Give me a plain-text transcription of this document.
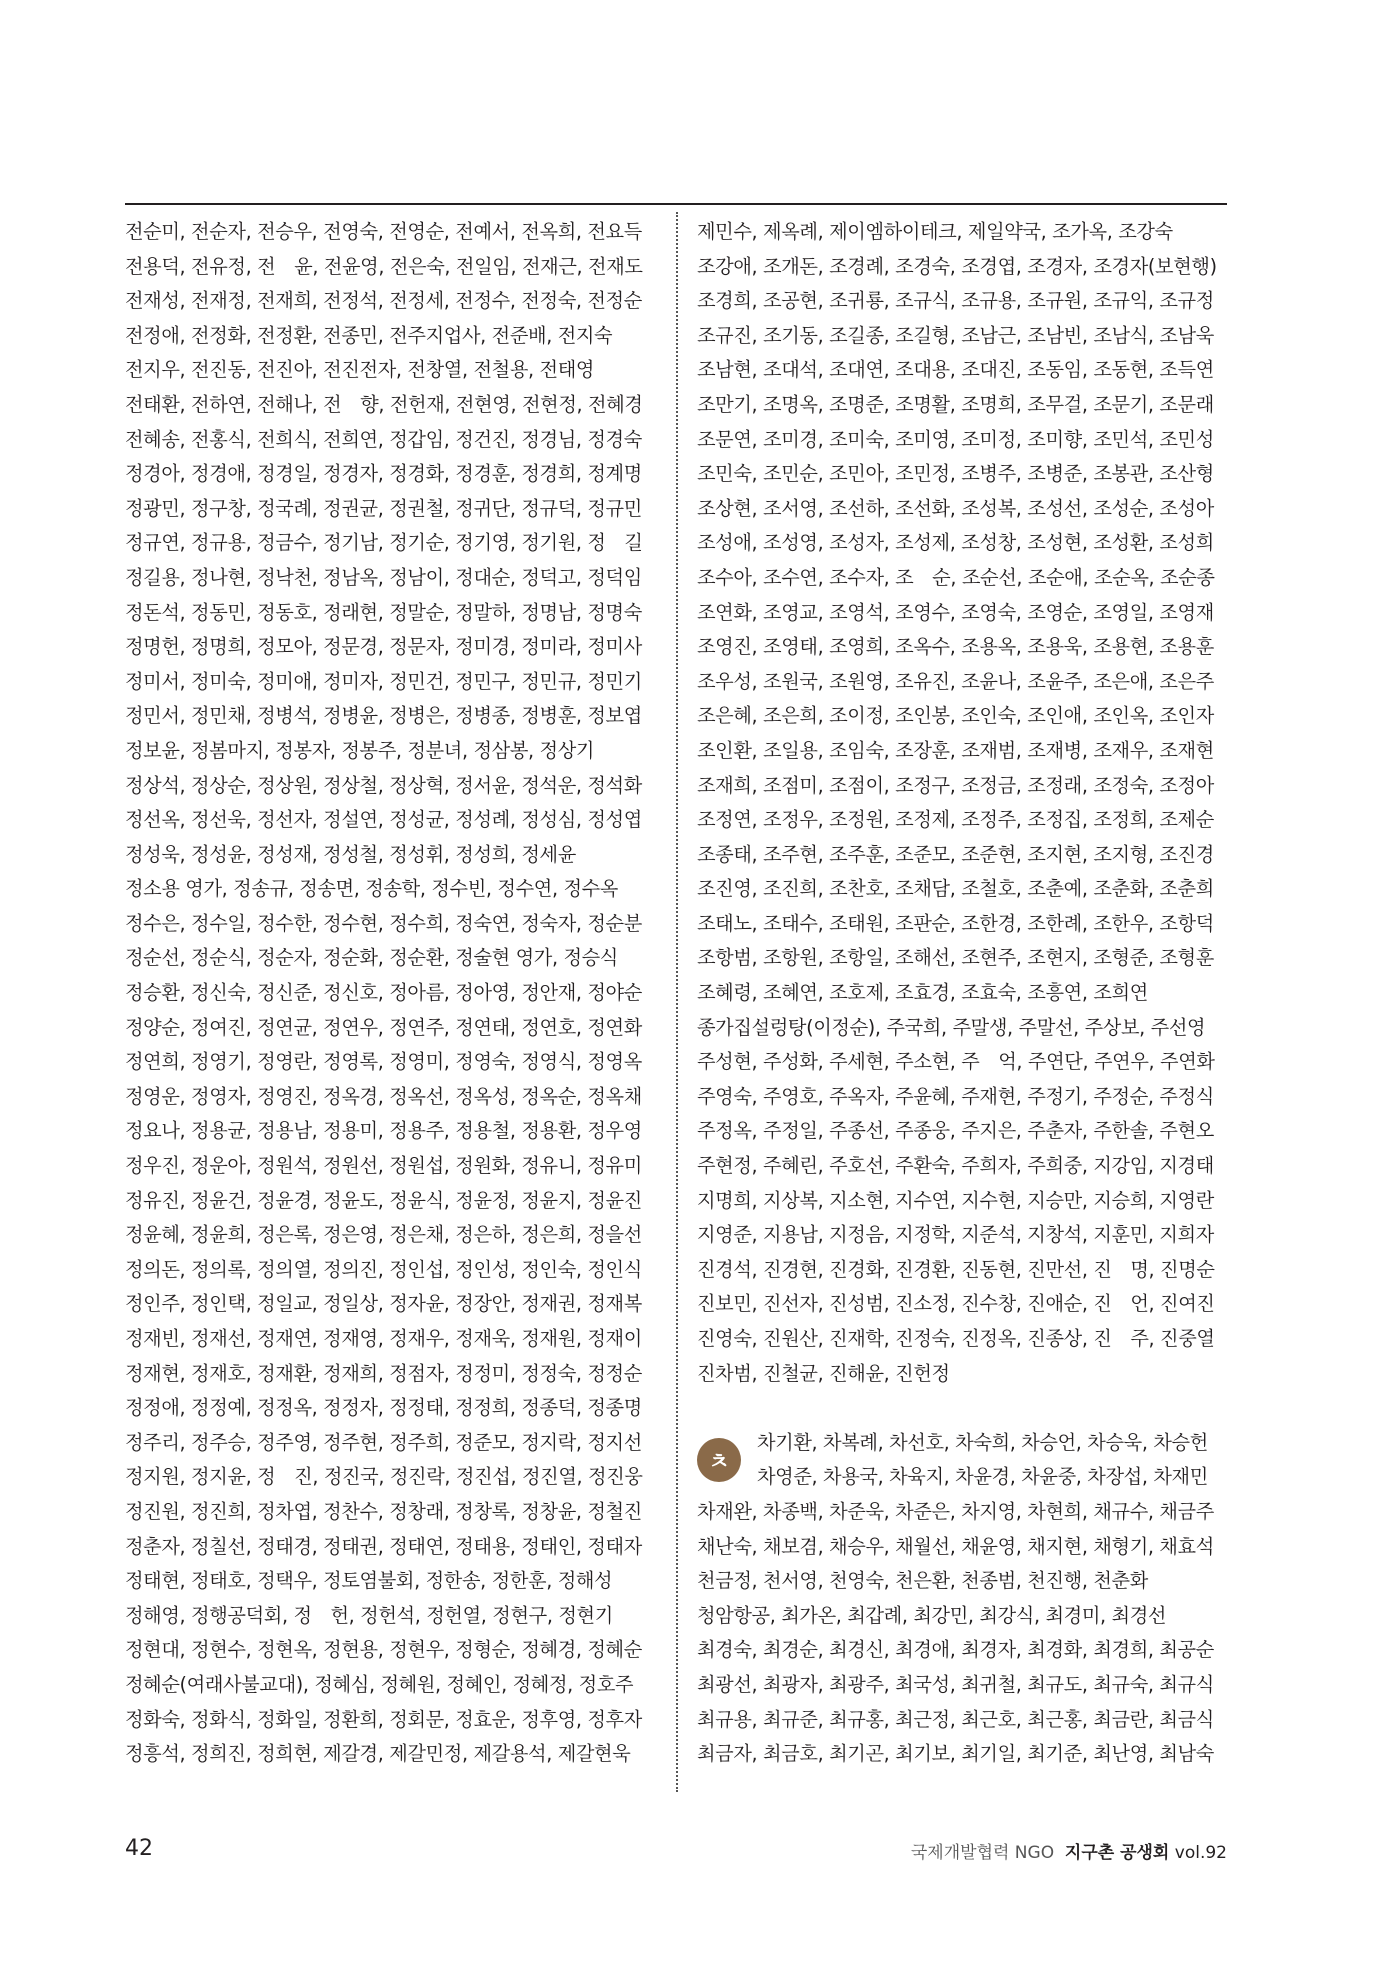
전순미, 전순자, 전승우, 전영숙, 전영순, 전예서, 전옥희, 전요득
전용덕, 전유정, 전　윤, 전윤영, 전은숙, 전일임, 전재근, 전재도
전재성, 전재정, 전재희, 전정석, 전정세, 전정수, 전정숙, 전정순
전정애, 전정화, 전정환, 전종민, 전주지업사, 전준배, 전지숙
전지우, 전진동, 전진아, 전진전자, 전창열, 전철용, 전태영
전태환, 전하연, 전해나, 전　향, 전헌재, 전현영, 전현정, 전혜경
전혜송, 전홍식, 전희식, 전희연, 정갑임, 정건진, 정경님, 정경숙
정경아, 정경애, 정경일, 정경자, 정경화, 정경훈, 정경희, 정계명
정광민, 정구창, 정국례, 정권균, 정권철, 정귀단, 정규덕, 정규민
정규연, 정규용, 정금수, 정기남, 정기순, 정기영, 정기원, 정　길
정길용, 정나현, 정낙천, 정남옥, 정남이, 정대순, 정덕고, 정덕임
정돈석, 정동민, 정동호, 정래현, 정말순, 정말하, 정명남, 정명숙
정명헌, 정명희, 정모아, 정문경, 정문자, 정미경, 정미라, 정미사
정미서, 정미숙, 정미애, 정미자, 정민건, 정민구, 정민규, 정민기
정민서, 정민채, 정병석, 정병윤, 정병은, 정병종, 정병훈, 정보엽
정보윤, 정봄마지, 정봉자, 정봉주, 정분녀, 정삼봉, 정상기
정상석, 정상순, 정상원, 정상철, 정상혁, 정서윤, 정석운, 정석화
정선옥, 정선욱, 정선자, 정설연, 정성균, 정성례, 정성심, 정성엽
정성욱, 정성윤, 정성재, 정성철, 정성휘, 정성희, 정세윤
정소용 영가, 정송규, 정송면, 정송학, 정수빈, 정수연, 정수옥
정수은, 정수일, 정수한, 정수현, 정수희, 정숙연, 정숙자, 정순분
정순선, 정순식, 정순자, 정순화, 정순환, 정술현 영가, 정승식
정승환, 정신숙, 정신준, 정신호, 정아름, 정아영, 정안재, 정야순
정양순, 정여진, 정연균, 정연우, 정연주, 정연태, 정연호, 정연화
정연희, 정영기, 정영란, 정영록, 정영미, 정영숙, 정영식, 정영옥
정영운, 정영자, 정영진, 정옥경, 정옥선, 정옥성, 정옥순, 정옥채
정요나, 정용균, 정용남, 정용미, 정용주, 정용철, 정용환, 정우영
정우진, 정운아, 정원석, 정원선, 정원섭, 정원화, 정유니, 정유미
정유진, 정윤건, 정윤경, 정윤도, 정윤식, 정윤정, 정윤지, 정윤진
정윤혜, 정윤희, 정은록, 정은영, 정은채, 정은하, 정은희, 정을선
정의돈, 정의록, 정의열, 정의진, 정인섭, 정인성, 정인숙, 정인식
정인주, 정인택, 정일교, 정일상, 정자윤, 정장안, 정재권, 정재복
정재빈, 정재선, 정재연, 정재영, 정재우, 정재욱, 정재원, 정재이
정재현, 정재호, 정재환, 정재희, 정점자, 정정미, 정정숙, 정정순
정정애, 정정예, 정정옥, 정정자, 정정태, 정정희, 정종덕, 정종명
정주리, 정주승, 정주영, 정주현, 정주희, 정준모, 정지락, 정지선
정지원, 정지윤, 정　진, 정진국, 정진락, 정진섭, 정진열, 정진웅
정진원, 정진희, 정차엽, 정찬수, 정창래, 정창록, 정창윤, 정철진
정춘자, 정칠선, 정태경, 정태권, 정태연, 정태용, 정태인, 정태자
정태현, 정태호, 정택우, 정토염불회, 정한송, 정한훈, 정해성
정해영, 정행공덕회, 정　헌, 정헌석, 정헌열, 정현구, 정현기
정현대, 정현수, 정현옥, 정현용, 정현우, 정형순, 정혜경, 정혜순
정혜순(여래사불교대), 정혜심, 정혜원, 정혜인, 정혜정, 정호주
정화숙, 정화식, 정화일, 정환희, 정회문, 정효운, 정후영, 정후자
정흥석, 정희진, 정희현, 제갈경, 제갈민정, 제갈용석, 제갈현욱
제민수, 제옥례, 제이엠하이테크, 제일약국, 조가옥, 조강숙
조강애, 조개돈, 조경례, 조경숙, 조경엽, 조경자, 조경자(보현행)
조경희, 조공현, 조귀룡, 조규식, 조규용, 조규원, 조규익, 조규정
조규진, 조기동, 조길종, 조길형, 조남근, 조남빈, 조남식, 조남욱
조남현, 조대석, 조대연, 조대용, 조대진, 조동임, 조동현, 조득연
조만기, 조명옥, 조명준, 조명활, 조명희, 조무걸, 조문기, 조문래
조문연, 조미경, 조미숙, 조미영, 조미정, 조미향, 조민석, 조민성
조민숙, 조민순, 조민아, 조민정, 조병주, 조병준, 조봉관, 조산형
조상현, 조서영, 조선하, 조선화, 조성복, 조성선, 조성순, 조성아
조성애, 조성영, 조성자, 조성제, 조성창, 조성현, 조성환, 조성희
조수아, 조수연, 조수자, 조　순, 조순선, 조순애, 조순옥, 조순종
조연화, 조영교, 조영석, 조영수, 조영숙, 조영순, 조영일, 조영재
조영진, 조영태, 조영희, 조옥수, 조용옥, 조용욱, 조용현, 조용훈
조우성, 조원국, 조원영, 조유진, 조윤나, 조윤주, 조은애, 조은주
조은혜, 조은희, 조이정, 조인봉, 조인숙, 조인애, 조인옥, 조인자
조인환, 조일용, 조임숙, 조장훈, 조재범, 조재병, 조재우, 조재현
조재희, 조점미, 조점이, 조정구, 조정금, 조정래, 조정숙, 조정아
조정연, 조정우, 조정원, 조정제, 조정주, 조정집, 조정희, 조제순
조종태, 조주현, 조주훈, 조준모, 조준현, 조지현, 조지형, 조진경
조진영, 조진희, 조찬호, 조채담, 조철호, 조춘예, 조춘화, 조춘희
조태노, 조태수, 조태원, 조판순, 조한경, 조한례, 조한우, 조항덕
조항범, 조항원, 조항일, 조해선, 조현주, 조현지, 조형준, 조형훈
조혜령, 조혜연, 조호제, 조효경, 조효숙, 조흥연, 조희연
종가집설렁탕(이정순), 주국희, 주말생, 주말선, 주상보, 주선영
주성현, 주성화, 주세현, 주소현, 주　억, 주연단, 주연우, 주연화
주영숙, 주영호, 주옥자, 주윤혜, 주재현, 주정기, 주정순, 주정식
주정옥, 주정일, 주종선, 주종웅, 주지은, 주춘자, 주한솔, 주현오
주현정, 주혜린, 주호선, 주환숙, 주희자, 주희중, 지강임, 지경태
지명희, 지상복, 지소현, 지수연, 지수현, 지승만, 지승희, 지영란
지영준, 지용남, 지정음, 지정학, 지준석, 지창석, 지훈민, 지희자
진경석, 진경현, 진경화, 진경환, 진동현, 진만선, 진　명, 진명순
진보민, 진선자, 진성범, 진소정, 진수창, 진애순, 진　언, 진여진
진영숙, 진원산, 진재학, 진정숙, 진정옥, 진종상, 진　주, 진중열
진차범, 진철균, 진해윤, 진헌정
차기환, 차복례, 차선호, 차숙희, 차승언, 차승욱, 차승헌
차영준, 차용국, 차육지, 차윤경, 차윤중, 차장섭, 차재민
차재완, 차종백, 차준욱, 차준은, 차지영, 차현희, 채규수, 채금주
채난숙, 채보겸, 채승우, 채월선, 채윤영, 채지현, 채형기, 채효석
천금정, 천서영, 천영숙, 천은환, 천종범, 천진행, 천춘화
청암항공, 최가온, 최갑례, 최강민, 최강식, 최경미, 최경선
최경숙, 최경순, 최경신, 최경애, 최경자, 최경화, 최경희, 최공순
최광선, 최광자, 최광주, 최국성, 최귀철, 최규도, 최규숙, 최규식
최규용, 최규준, 최규홍, 최근정, 최근호, 최근홍, 최금란, 최금식
최금자, 최금호, 최기곤, 최기보, 최기일, 최기준, 최난영, 최남숙
42	국제개발협력 NGO 지구촌 공생회 vol.92
ㅊ
